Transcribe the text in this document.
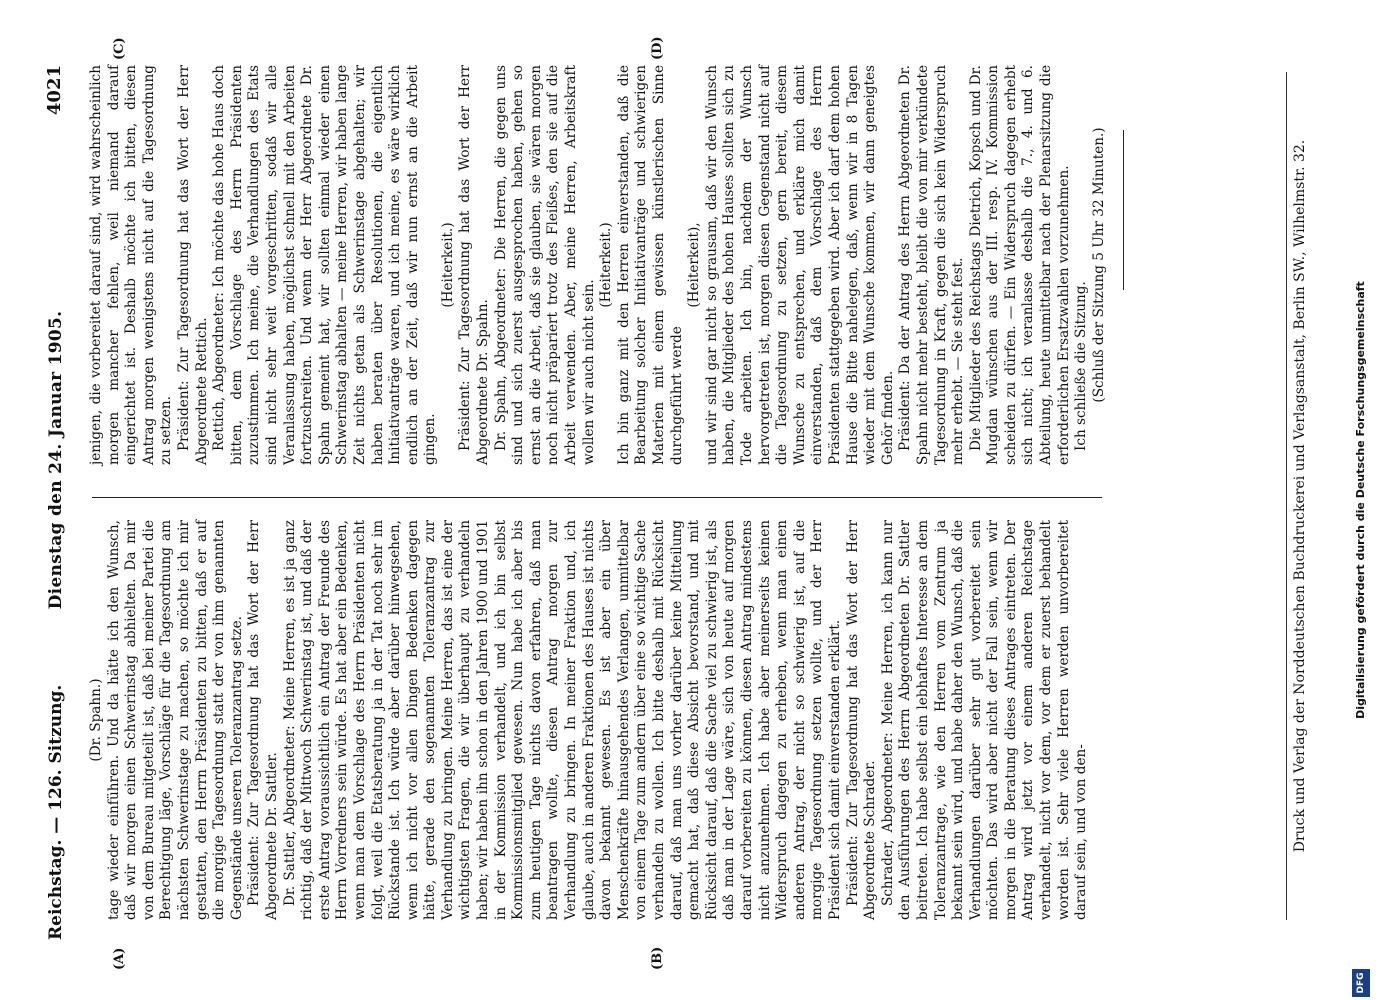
Reichstag. — 126. Sitzung.
Dienstag den 24. Januar 1905.
4021
(A)	(B)
(C)	(D)

(Dr. Spahn.) tage wieder einführen. Und da hätte ich den Wunsch, daß wir morgen einen Schwerinstag abhielten. Da mir von dem Bureau mitgeteilt ist, daß bei meiner Partei die Berechtigung läge, Vorschläge für die Tagesordnung am nächsten Schwerinstage zu machen, so möchte ich mir gestatten, den Herrn Präsidenten zu bitten, daß er auf die morgige Tagesordnung statt der von ihm genannten Gegenstände unseren Toleranzantrag setze. Präsident: Zur Tagesordnung hat das Wort der Herr Abgeordnete Dr. Sattler. Dr. Sattler, Abgeordneter: Meine Herren, es ist ja ganz richtig, daß der Mittwoch Schwerinstag ist, und daß der erste Antrag voraussichtlich ein Antrag der Freunde des Herrn Vorredners sein würde. Es hat aber ein Bedenken, wenn man dem Vorschlage des Herrn Präsidenten nicht folgt, weil die Etatsberatung ja in der Tat noch sehr im Rückstande ist. Ich würde aber darüber hinwegsehen, wenn ich nicht vor allen Dingen Bedenken dagegen hätte, gerade den sogenannten Toleranzantrag zur Verhandlung zu bringen. Meine Herren, das ist eine der wichtigsten Fragen, die wir überhaupt zu verhandeln haben; wir haben ihn schon in den Jahren 1900 und 1901 in der Kommission verhandelt, und ich bin selbst Kommissionsmitglied gewesen. Nun habe ich aber bis zum heutigen Tage nichts davon erfahren, daß man beantragen wollte, diesen Antrag morgen zur Verhandlung zu bringen. In meiner Fraktion und, ich glaube, auch in anderen Fraktionen des Hauses ist nichts davon bekannt gewesen. Es ist aber ein über Menschenkräfte hinausgehendes Verlangen, unmittelbar von einem Tage zum andern über eine so wichtige Sache verhandeln zu wollen. Ich bitte deshalb mit Rücksicht darauf, daß man uns vorher darüber keine Mitteilung gemacht hat, daß diese Absicht bevorstand, und mit Rücksicht darauf, daß die Sache viel zu schwierig ist, als daß man in der Lage wäre, sich von heute auf morgen darauf vorbereiten zu können, diesen Antrag mindestens nicht anzunehmen. Ich habe aber meinerseits keinen Widerspruch dagegen zu erheben, wenn man einen anderen Antrag, der nicht so schwierig ist, auf die morgige Tagesordnung setzen wollte, und der Herr Präsident sich damit einverstanden erklärt. Präsident: Zur Tagesordnung hat das Wort der Herr Abgeordnete Schrader. Schrader, Abgeordneter: Meine Herren, ich kann nur den Ausführungen des Herrn Abgeordneten Dr. Sattler beitreten. Ich habe selbst ein lebhaftes Interesse an dem Toleranzantrage, wie den Herren vom Zentrum ja bekannt sein wird, und habe daher den Wunsch, daß die Verhandlungen darüber sehr gut vorbereitet sein möchten. Das wird aber nicht der Fall sein, wenn wir morgen in die Beratung dieses Antrages eintreten. Der Antrag wird jetzt vor einem anderen Reichstage verhandelt, nicht vor dem, vor dem er zuerst behandelt worden ist. Sehr viele Herren werden unvorbereitet darauf sein, und von den-

jenigen, die vorbereitet darauf sind, wird wahrscheinlich morgen mancher fehlen, weil niemand darauf eingerichtet ist. Deshalb möchte ich bitten, diesen Antrag morgen wenigstens nicht auf die Tagesordnung zu setzen. Präsident: Zur Tagesordnung hat das Wort der Herr Abgeordnete Rettich. Rettich, Abgeordneter: Ich möchte das hohe Haus doch bitten, dem Vorschlage des Herrn Präsidenten zuzustimmen. Ich meine, die Verhandlungen des Etats sind nicht sehr weit vorgeschritten, sodaß wir alle Veranlassung haben, möglichst schnell mit den Arbeiten fortzuschreiten. Und wenn der Herr Abgeordnete Dr. Spahn gemeint hat, wir sollten einmal wieder einen Schwerinstag abhalten — meine Herren, wir haben lange Zeit nichts getan als Schwerinstage abgehalten; wir haben beraten über Resolutionen, die eigentlich Initiativanträge waren, und ich meine, es wäre wirklich endlich an der Zeit, daß wir nun ernst an die Arbeit gingen.

(Heiterkeit.) Präsident: Zur Tagesordnung hat das Wort der Herr Abgeordnete Dr. Spahn. Dr. Spahn, Abgeordneter: Die Herren, die gegen uns sind und sich zuerst ausgesprochen haben, gehen so ernst an die Arbeit, daß sie glauben, sie wären morgen noch nicht präpariert trotz des Fleißes, den sie auf die Arbeit verwenden. Aber, meine Herren, Arbeitskraft wollen wir auch nicht sein.

(Heiterkeit.) Ich bin ganz mit den Herren einverstanden, daß die Bearbeitung solcher Initiativanträge und schwierigen Materien mit einem gewissen künstlerischen Sinne durchgeführt werde

(Heiterkeit), und wir sind gar nicht so grausam, daß wir den Wunsch haben, die Mitglieder des hohen Hauses sollten sich zu Tode arbeiten. Ich bin, nachdem der Wunsch hervorgetreten ist, morgen diesen Gegenstand nicht auf die Tagesordnung zu setzen, gern bereit, diesem Wunsche zu entsprechen, und erkläre mich damit einverstanden, daß dem Vorschlage des Herrn Präsidenten stattgegeben wird. Aber ich darf dem hohen Hause die Bitte nahelegen, daß, wenn wir in 8 Tagen wieder mit dem Wunsche kommen, wir dann geneigtes Gehör finden. Präsident: Da der Antrag des Herrn Abgeordneten Dr. Spahn nicht mehr besteht, bleibt die von mir verkündete Tagesordnung in Kraft, gegen die sich kein Widerspruch mehr erhebt. — Sie steht fest. Die Mitglieder des Reichstags Dietrich, Kopsch und Dr. Mugdan wünschen aus der III. resp. IV. Kommission scheiden zu dürfen. — Ein Widerspruch dagegen erhebt sich nicht; ich veranlasse deshalb die 7., 4. und 6. Abteilung, heute unmittelbar nach der Plenarsitzung die erforderlichen Ersatzwahlen vorzunehmen. Ich schließe die Sitzung. (Schluß der Sitzung 5 Uhr 32 Minuten.)	Druck und Verlag der Norddeutschen Buchdruckerei und Verlagsanstalt, Berlin SW., Wilhelmstr. 32.
DFG
Digitalisierung gefördert durch die Deutsche Forschungsgemeinschaft
